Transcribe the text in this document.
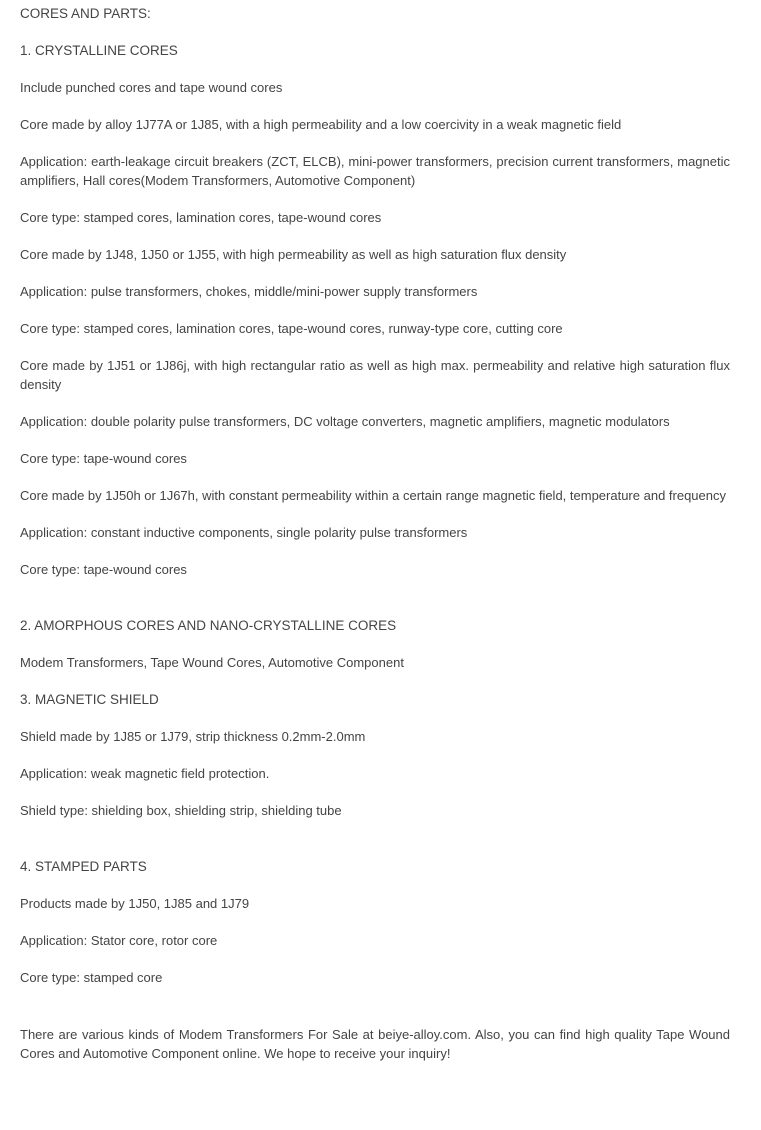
CORES AND PARTS:

1. CRYSTALLINE CORES

Include punched cores and tape wound cores

Core made by alloy 1J77A or 1J85, with a high permeability and a low coercivity in a weak magnetic field

Application: earth-leakage circuit breakers (ZCT, ELCB), mini-power transformers, precision current transformers, magnetic amplifiers, Hall cores(Modem Transformers, Automotive Component)

Core type: stamped cores, lamination cores, tape-wound cores

Core made by 1J48, 1J50 or 1J55, with high permeability as well as high saturation flux density

Application: pulse transformers, chokes, middle/mini-power supply transformers

Core type: stamped cores, lamination cores, tape-wound cores, runway-type core, cutting core

Core made by 1J51 or 1J86j, with high rectangular ratio as well as high max. permeability and relative high saturation flux density

Application: double polarity pulse transformers, DC voltage converters, magnetic amplifiers, magnetic modulators

Core type: tape-wound cores

Core made by 1J50h or 1J67h, with constant permeability within a certain range magnetic field, temperature and frequency

Application: constant inductive components, single polarity pulse transformers

Core type: tape-wound cores

2. AMORPHOUS CORES AND NANO-CRYSTALLINE CORES

Modem Transformers, Tape Wound Cores, Automotive Component

3. MAGNETIC SHIELD

Shield made by 1J85 or 1J79, strip thickness 0.2mm-2.0mm

Application: weak magnetic field protection.

Shield type: shielding box, shielding strip, shielding tube

4. STAMPED PARTS

Products made by 1J50, 1J85 and 1J79

Application: Stator core, rotor core

Core type: stamped core

There are various kinds of Modem Transformers For Sale at beiye-alloy.com. Also, you can find high quality Tape Wound Cores and Automotive Component online. We hope to receive your inquiry!
